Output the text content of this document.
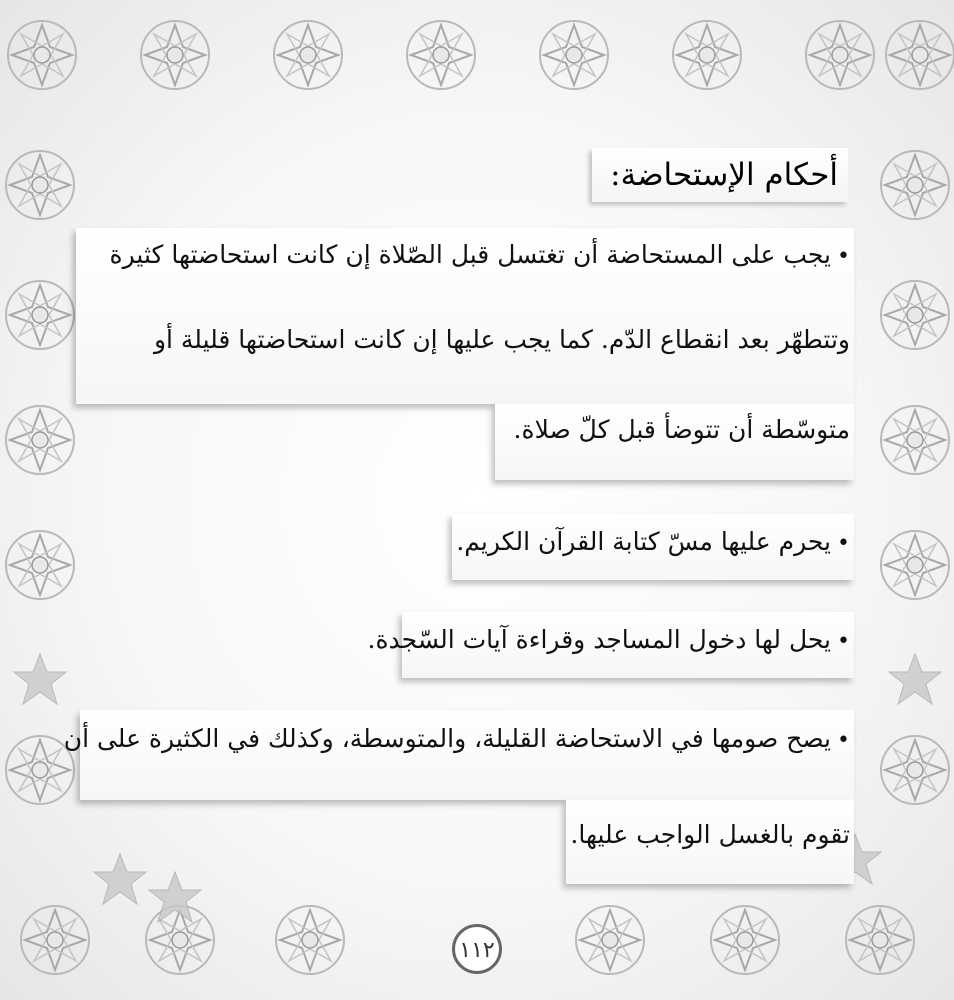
أحكام الإستحاضة:
•يجب على المستحاضة أن تغتسل قبل الصّلاة إن كانت استحاضتها كثيرة
وتتطهّر بعد انقطاع الدّم. كما يجب عليها إن كانت استحاضتها قليلة أو
متوسّطة أن تتوضأ قبل كلّ صلاة.
•يحرم عليها مسّ كتابة القرآن الكريم.
•يحل لها دخول المساجد وقراءة آيات السّجدة.
•يصح صومها في الاستحاضة القليلة، والمتوسطة، وكذلك في الكثيرة على أن
تقوم بالغسل الواجب عليها.
١١٢
